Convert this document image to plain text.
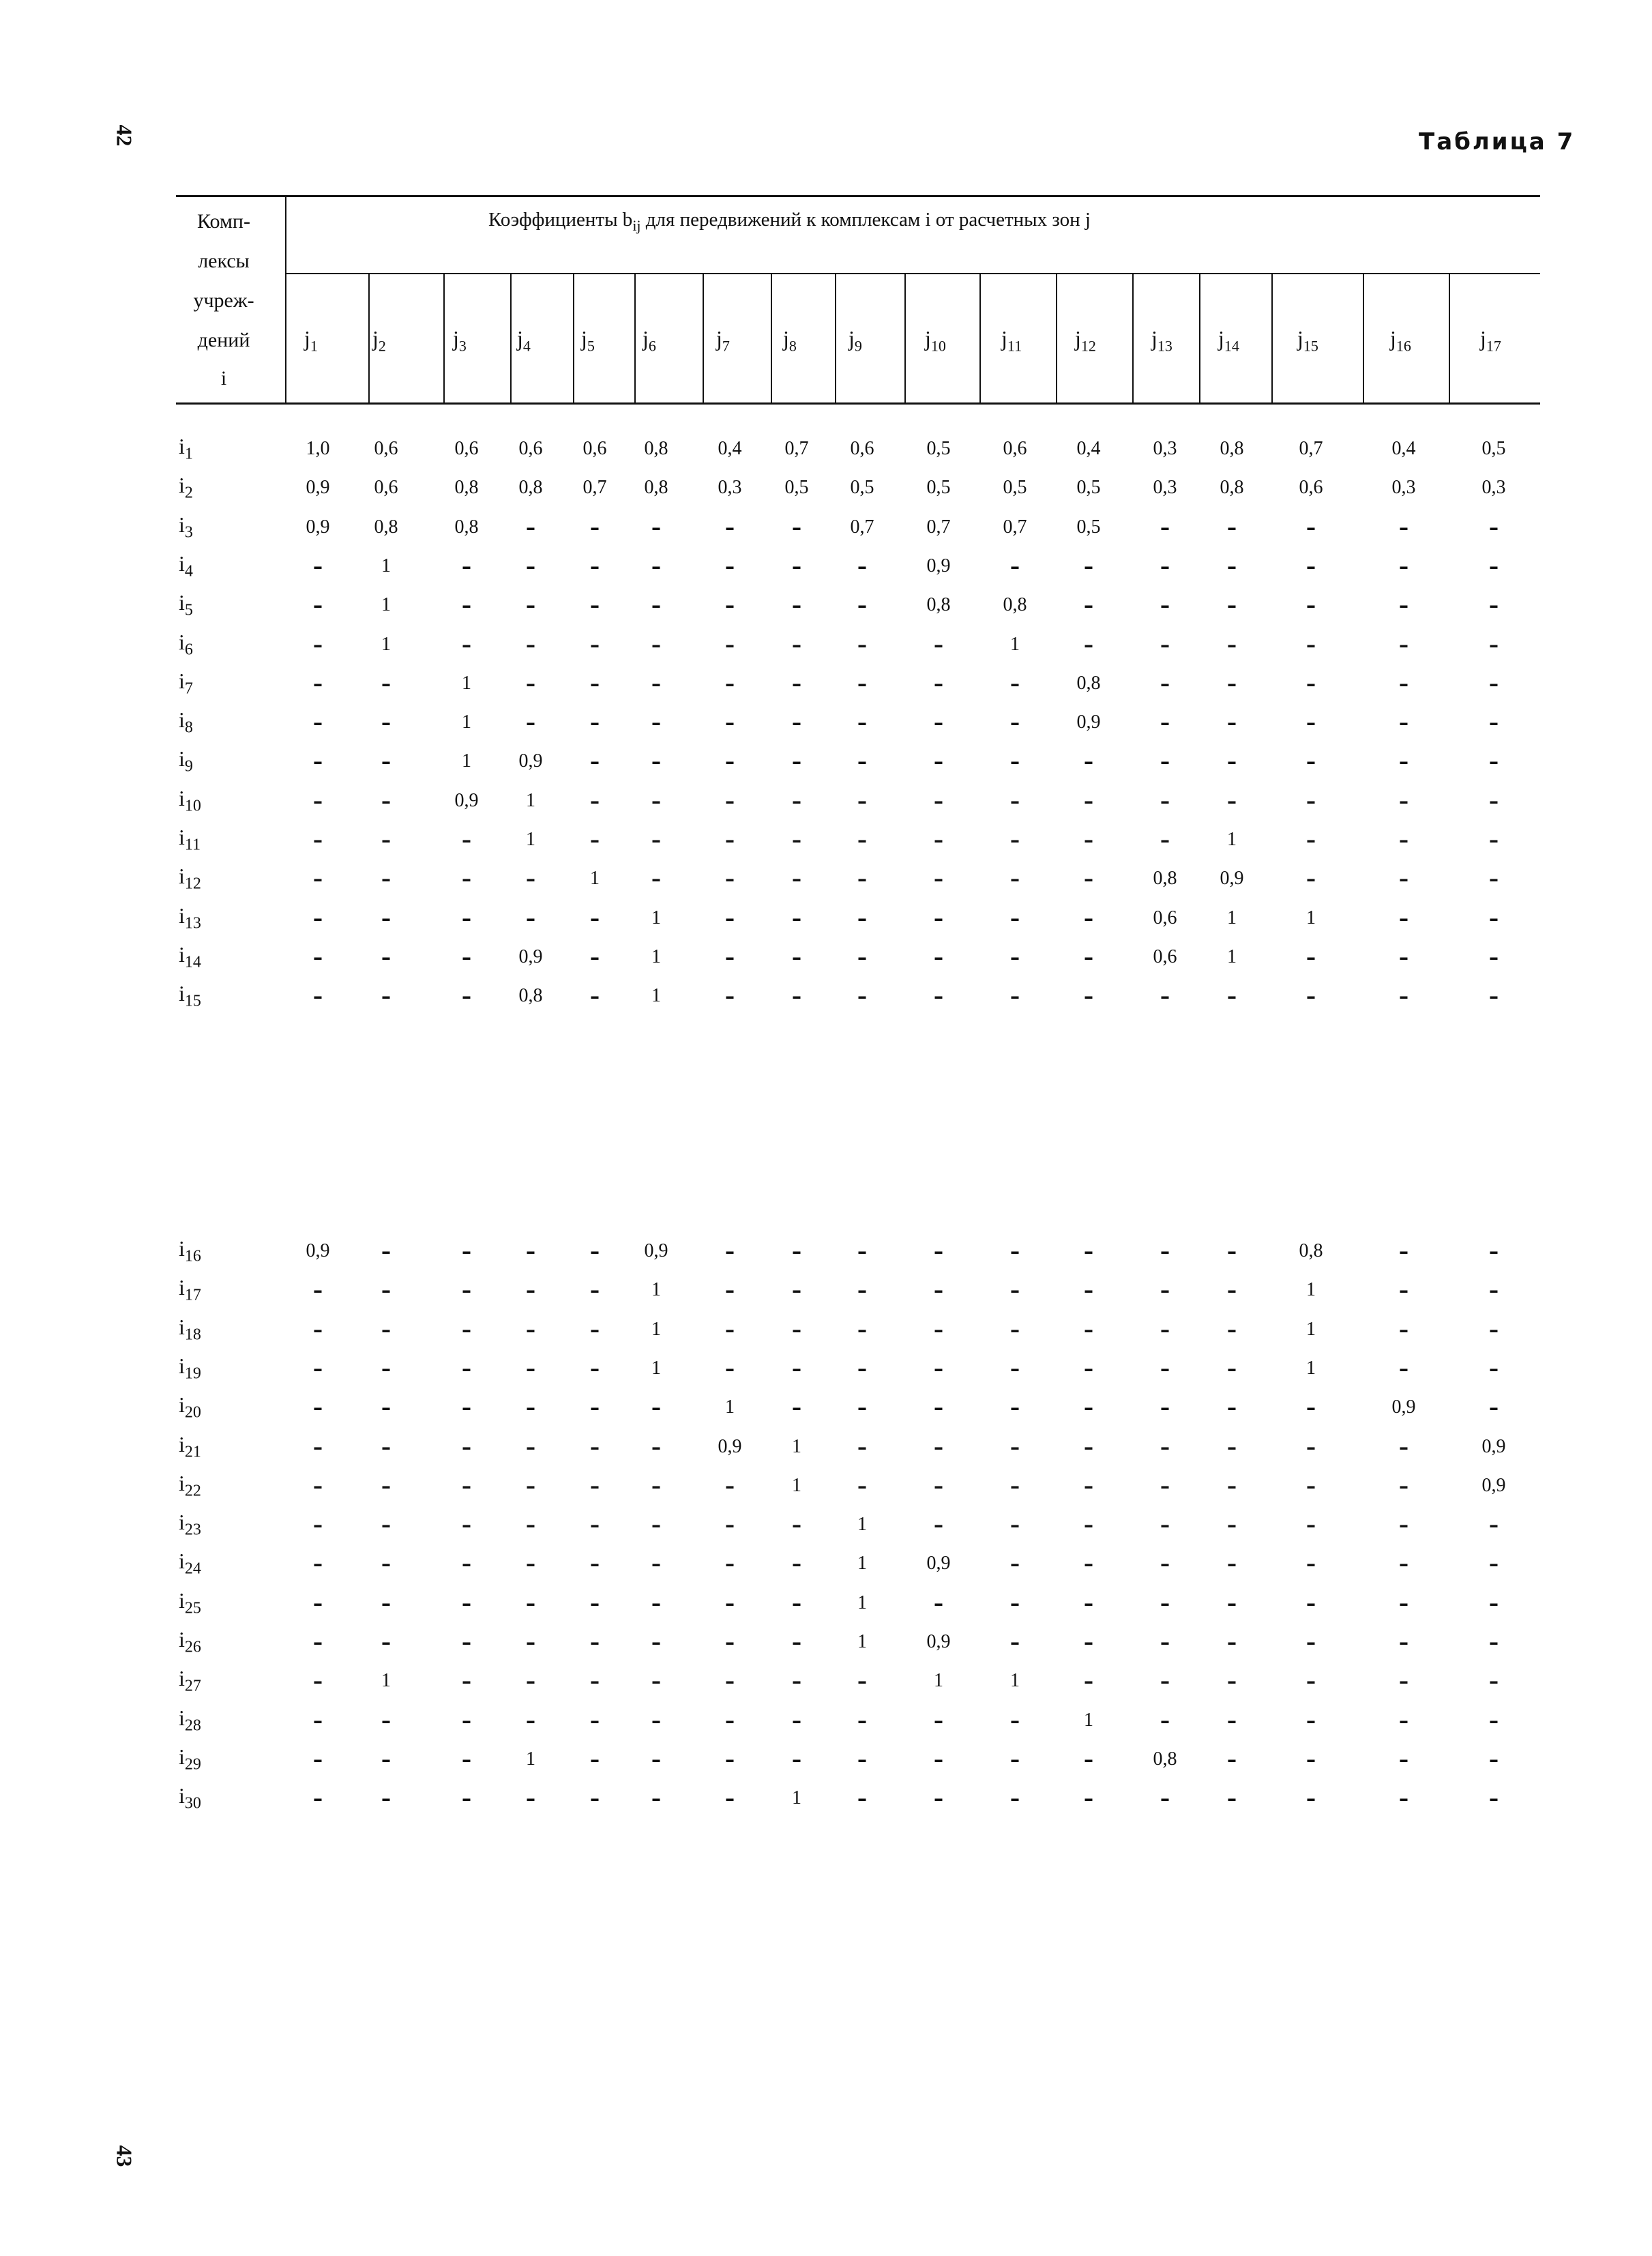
42
43
Таблица 7
Комп-
лексы
учреж-
дений
i
Коэффициенты $b_{ij}$ для передвижений к комплексам i от расчетных зон j
$j_1$	$j_2$	$j_3$ $j_4$ $j_5$ $j_6$	$j_7$ $j_8$ $j_9$	$j_{10}$	$j_{11}$ $j_{12}$	$j_{13}$ $j_{14}$	$j_{15}$	$j_{16}$	$j_{17}$
$i_1$	1,0	0,6	0,6	0,6	0,6	0,8	0,4	0,7	0,6	0,5	0,6	0,4	0,3	0,8	0,7	0,4	0,5
$i_2$	0,9	0,6	0,8	0,8	0,7	0,8	0,3	0,5	0,5	0,5	0,5	0,5	0,3	0,8	0,6	0,3	0,3
$i_3$	0,9	0,8	0,8	–	–	–	–	–	0,7	0,7	0,7	0,5	–	–	–	–	–
$i_4$	–	1	–	–	–	–	–	–	–	0,9	–	–	–	–	–	–	–
$i_5$	–	1	–	–	–	–	–	–	–	0,8	0,8	–	–	–	–	–	–
$i_6$	–	1	–	–	–	–	–	–	–	–	1	–	–	–	–	–	–
$i_7$	–	–	1	–	–	–	–	–	–	–	–	0,8	–	–	–	–	–
$i_8$	–	–	1	–	–	–	–	–	–	–	–	0,9	–	–	–	–	–
$i_9$	–	–	1	0,9	–	–	–	–	–	–	–	–	–	–	–	–	–
$i_{10}$	–	–	0,9	1	–	–	–	–	–	–	–	–	–	–	–	–	–
$i_{11}$	–	–	–	1	–	–	–	–	–	–	–	–	–	1	–	–	–
$i_{12}$	–	–	–	–	1	–	–	–	–	–	–	–	0,8	0,9	–	–	–
$i_{13}$	–	–	–	–	–	1	–	–	–	–	–	–	0,6	1	1	–	–
$i_{14}$	–	–	–	0,9	–	1	–	–	–	–	–	–	0,6	1	–	–	–
$i_{15}$	–	–	–	0,8	–	1	–	–	–	–	–	–	–	–	–	–	–
$i_{16}$	0,9	–	–	–	–	0,9	–	–	–	–	–	–	–	–	0,8	–	–
$i_{17}$	–	–	–	–	–	1	–	–	–	–	–	–	–	–	1	–	–
$i_{18}$	–	–	–	–	–	1	–	–	–	–	–	–	–	–	1	–	–
$i_{19}$	–	–	–	–	–	1	–	–	–	–	–	–	–	–	1	–	–
$i_{20}$	–	–	–	–	–	–	1	–	–	–	–	–	–	–	–	0,9	–
$i_{21}$	–	–	–	–	–	–	0,9	1	–	–	–	–	–	–	–	–	0,9
$i_{22}$	–	–	–	–	–	–	–	1	–	–	–	–	–	–	–	–	0,9
$i_{23}$	–	–	–	–	–	–	–	–	1	–	–	–	–	–	–	–	–
$i_{24}$	–	–	–	–	–	–	–	–	1	0,9	–	–	–	–	–	–	–
$i_{25}$	–	–	–	–	–	–	–	–	1	–	–	–	–	–	–	–	–
$i_{26}$	–	–	–	–	–	–	–	–	1	0,9	–	–	–	–	–	–	–
$i_{27}$	–	1	–	–	–	–	–	–	–	1	1	–	–	–	–	–	–
$i_{28}$	–	–	–	–	–	–	–	–	–	–	–	1	–	–	–	–	–
$i_{29}$	–	–	–	1	–	–	–	–	–	–	–	–	0,8	–	–	–	–
$i_{30}$	–	–	–	–	–	–	–	1	–	–	–	–	–	–	–	–	–
